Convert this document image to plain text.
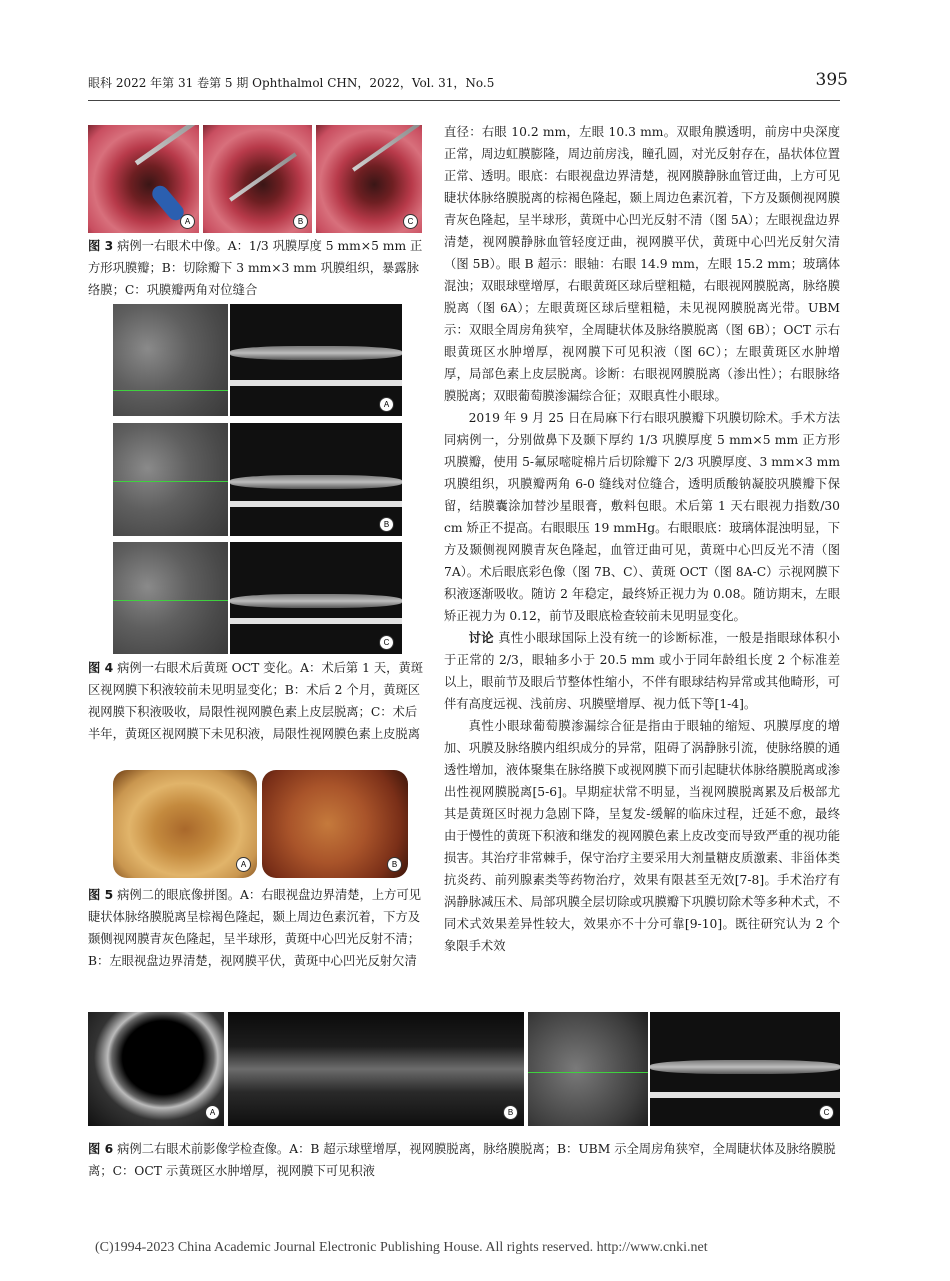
眼科 2022 年第 31 卷第 5 期 Ophthalmol CHN，2022，Vol. 31，No.5	395
A	B	C
图 3 病例一右眼术中像。A：1/3 巩膜厚度 5 mm×5 mm 正方形巩膜瓣；B：切除瓣下 3 mm×3 mm 巩膜组织，暴露脉络膜；C：巩膜瓣两角对位缝合
A
B
C
图 4 病例一右眼术后黄斑 OCT 变化。A：术后第 1 天，黄斑区视网膜下积液较前未见明显变化；B：术后 2 个月，黄斑区视网膜下积液吸收，局限性视网膜色素上皮层脱离；C：术后半年，黄斑区视网膜下未见积液，局限性视网膜色素上皮脱离
A	B
图 5 病例二的眼底像拼图。A：右眼视盘边界清楚，上方可见睫状体脉络膜脱离呈棕褐色隆起，颞上周边色素沉着，下方及颞侧视网膜青灰色隆起，呈半球形，黄斑中心凹光反射不清；B：左眼视盘边界清楚，视网膜平伏，黄斑中心凹光反射欠清

直径：右眼 10.2 mm，左眼 10.3 mm。双眼角膜透明，前房中央深度正常，周边虹膜膨隆，周边前房浅，瞳孔圆，对光反射存在，晶状体位置正常、透明。眼底：右眼视盘边界清楚，视网膜静脉血管迂曲，上方可见睫状体脉络膜脱离的棕褐色隆起，颞上周边色素沉着，下方及颞侧视网膜青灰色隆起，呈半球形，黄斑中心凹光反射不清（图 5A）；左眼视盘边界清楚，视网膜静脉血管轻度迂曲，视网膜平伏，黄斑中心凹光反射欠清（图 5B）。眼 B 超示：眼轴：右眼 14.9 mm，左眼 15.2 mm；玻璃体混浊；双眼球壁增厚，右眼黄斑区球后壁粗糙，右眼视网膜脱离，脉络膜脱离（图 6A）；左眼黄斑区球后壁粗糙，未见视网膜脱离光带。UBM 示：双眼全周房角狭窄，全周睫状体及脉络膜脱离（图 6B）；OCT 示右眼黄斑区水肿增厚，视网膜下可见积液（图 6C）；左眼黄斑区水肿增厚，局部色素上皮层脱离。诊断：右眼视网膜脱离（渗出性）；右眼脉络膜脱离；双眼葡萄膜渗漏综合征；双眼真性小眼球。

2019 年 9 月 25 日在局麻下行右眼巩膜瓣下巩膜切除术。手术方法同病例一，分别做鼻下及颞下厚约 1/3 巩膜厚度 5 mm×5 mm 正方形巩膜瓣，使用 5-氟尿嘧啶棉片后切除瓣下 2/3 巩膜厚度、3 mm×3 mm 巩膜组织，巩膜瓣两角 6-0 缝线对位缝合，透明质酸钠凝胶巩膜瓣下保留，结膜囊涂加替沙星眼膏，敷料包眼。术后第 1 天右眼视力指数/30 cm 矫正不提高。右眼眼压 19 mmHg。右眼眼底：玻璃体混浊明显，下方及颞侧视网膜青灰色隆起，血管迂曲可见，黄斑中心凹反光不清（图 7A）。术后眼底彩色像（图 7B、C）、黄斑 OCT（图 8A-C）示视网膜下积液逐渐吸收。随访 2 年稳定，最终矫正视力为 0.08。随访期末，左眼矫正视力为 0.12，前节及眼底检查较前未见明显变化。

讨论 真性小眼球国际上没有统一的诊断标准，一般是指眼球体积小于正常的 2/3，眼轴多小于 20.5 mm 或小于同年龄组长度 2 个标准差以上，眼前节及眼后节整体性缩小，不伴有眼球结构异常或其他畸形，可伴有高度远视、浅前房、巩膜壁增厚、视力低下等[1-4]。

真性小眼球葡萄膜渗漏综合征是指由于眼轴的缩短、巩膜厚度的增加、巩膜及脉络膜内组织成分的异常，阻碍了涡静脉引流，使脉络膜的通透性增加，液体聚集在脉络膜下或视网膜下而引起睫状体脉络膜脱离或渗出性视网膜脱离[5-6]。早期症状常不明显，当视网膜脱离累及后极部尤其是黄斑区时视力急剧下降，呈复发-缓解的临床过程，迁延不愈，最终由于慢性的黄斑下积液和继发的视网膜色素上皮改变而导致严重的视功能损害。其治疗非常棘手，保守治疗主要采用大剂量糖皮质激素、非甾体类抗炎药、前列腺素类等药物治疗，效果有限甚至无效[7-8]。手术治疗有涡静脉减压术、局部巩膜全层切除或巩膜瓣下巩膜切除术等多种术式，不同术式效果差异性较大，效果亦不十分可靠[9-10]。既往研究认为 2 个象限手术效

A	B	C
图 6 病例二右眼术前影像学检查像。A：B 超示球壁增厚，视网膜脱离，脉络膜脱离；B：UBM 示全周房角狭窄，全周睫状体及脉络膜脱离；C：OCT 示黄斑区水肿增厚，视网膜下可见积液
(C)1994-2023 China Academic Journal Electronic Publishing House. All rights reserved. http://www.cnki.net
